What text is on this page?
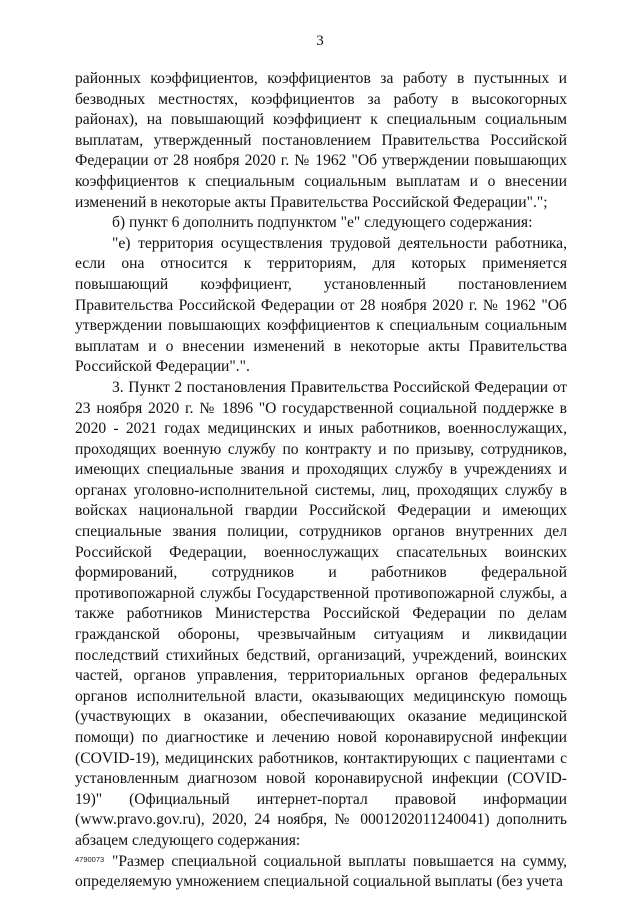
3

районных коэффициентов, коэффициентов за работу в пустынных и безводных местностях, коэффициентов за работу в высокогорных районах), на повышающий коэффициент к специальным социальным выплатам, утвержденный постановлением Правительства Российской Федерации от 28 ноября 2020 г. № 1962 "Об утверждении повышающих коэффициентов к специальным социальным выплатам и о внесении изменений в некоторые акты Правительства Российской Федерации".";

б) пункт 6 дополнить подпунктом "е" следующего содержания:

"е) территория осуществления трудовой деятельности работника, если она относится к территориям, для которых применяется повышающий коэффициент, установленный постановлением Правительства Российской Федерации от 28 ноября 2020 г. № 1962 "Об утверждении повышающих коэффициентов к специальным социальным выплатам и о внесении изменений в некоторые акты Правительства Российской Федерации".".

3. Пункт 2 постановления Правительства Российской Федерации от 23 ноября 2020 г. № 1896 "О государственной социальной поддержке в 2020 - 2021 годах медицинских и иных работников, военнослужащих, проходящих военную службу по контракту и по призыву, сотрудников, имеющих специальные звания и проходящих службу в учреждениях и органах уголовно-исполнительной системы, лиц, проходящих службу в войсках национальной гвардии Российской Федерации и имеющих специальные звания полиции, сотрудников органов внутренних дел Российской Федерации, военнослужащих спасательных воинских формирований, сотрудников и работников федеральной противопожарной службы Государственной противопожарной службы, а также работников Министерства Российской Федерации по делам гражданской обороны, чрезвычайным ситуациям и ликвидации последствий стихийных бедствий, организаций, учреждений, воинских частей, органов управления, территориальных органов федеральных органов исполнительной власти, оказывающих медицинскую помощь (участвующих в оказании, обеспечивающих оказание медицинской помощи) по диагностике и лечению новой коронавирусной инфекции (COVID-19), медицинских работников, контактирующих с пациентами с установленным диагнозом новой коронавирусной инфекции (COVID-19)" (Официальный интернет-портал правовой информации (www.pravo.gov.ru), 2020, 24 ноября, № 0001202011240041) дополнить абзацем следующего содержания:

"Размер специальной социальной выплаты повышается на сумму, определяемую умножением специальной социальной выплаты (без учета

4790073
